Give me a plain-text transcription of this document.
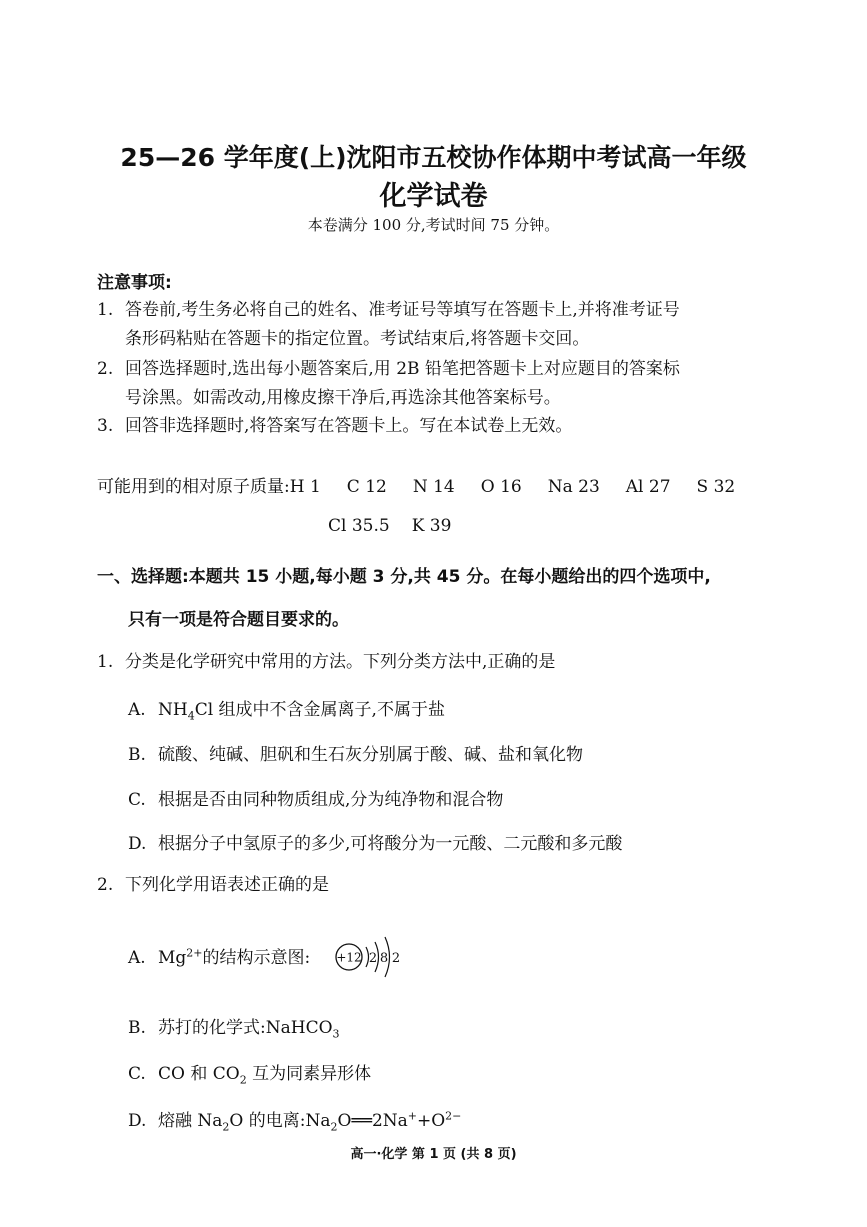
25—26 学年度(上)沈阳市五校协作体期中考试高一年级
化学试卷
本卷满分 100 分,考试时间 75 分钟。
注意事项:
1. 答卷前,考生务必将自己的姓名、准考证号等填写在答题卡上,并将准考证号
条形码粘贴在答题卡的指定位置。考试结束后,将答题卡交回。
2. 回答选择题时,选出每小题答案后,用 2B 铅笔把答题卡上对应题目的答案标
号涂黑。如需改动,用橡皮擦干净后,再选涂其他答案标号。
3. 回答非选择题时,将答案写在答题卡上。写在本试卷上无效。
可能用到的相对原子质量:H 1 C 12 N 14 O 16 Na 23 Al 27 S 32
Cl 35.5 K 39
一、选择题:本题共 15 小题,每小题 3 分,共 45 分。在每小题给出的四个选项中,
只有一项是符合题目要求的。
1. 分类是化学研究中常用的方法。下列分类方法中,正确的是
A. $NH_4Cl$ 组成中不含金属离子,不属于盐
B. 硫酸、纯碱、胆矾和生石灰分别属于酸、碱、盐和氧化物
C. 根据是否由同种物质组成,分为纯净物和混合物
D. 根据分子中氢原子的多少,可将酸分为一元酸、二元酸和多元酸
2. 下列化学用语表述正确的是
A. $Mg^{2+}$的结构示意图: +12 2 8 2
B. 苏打的化学式:NaHCO$_3$
C. CO 和 $CO_2$ 互为同素异形体
D. 熔融 $Na_2O$ 的电离$:Na_2O══2Na^++O^{2-}$
高一·化学 第 1 页 (共 8 页)
